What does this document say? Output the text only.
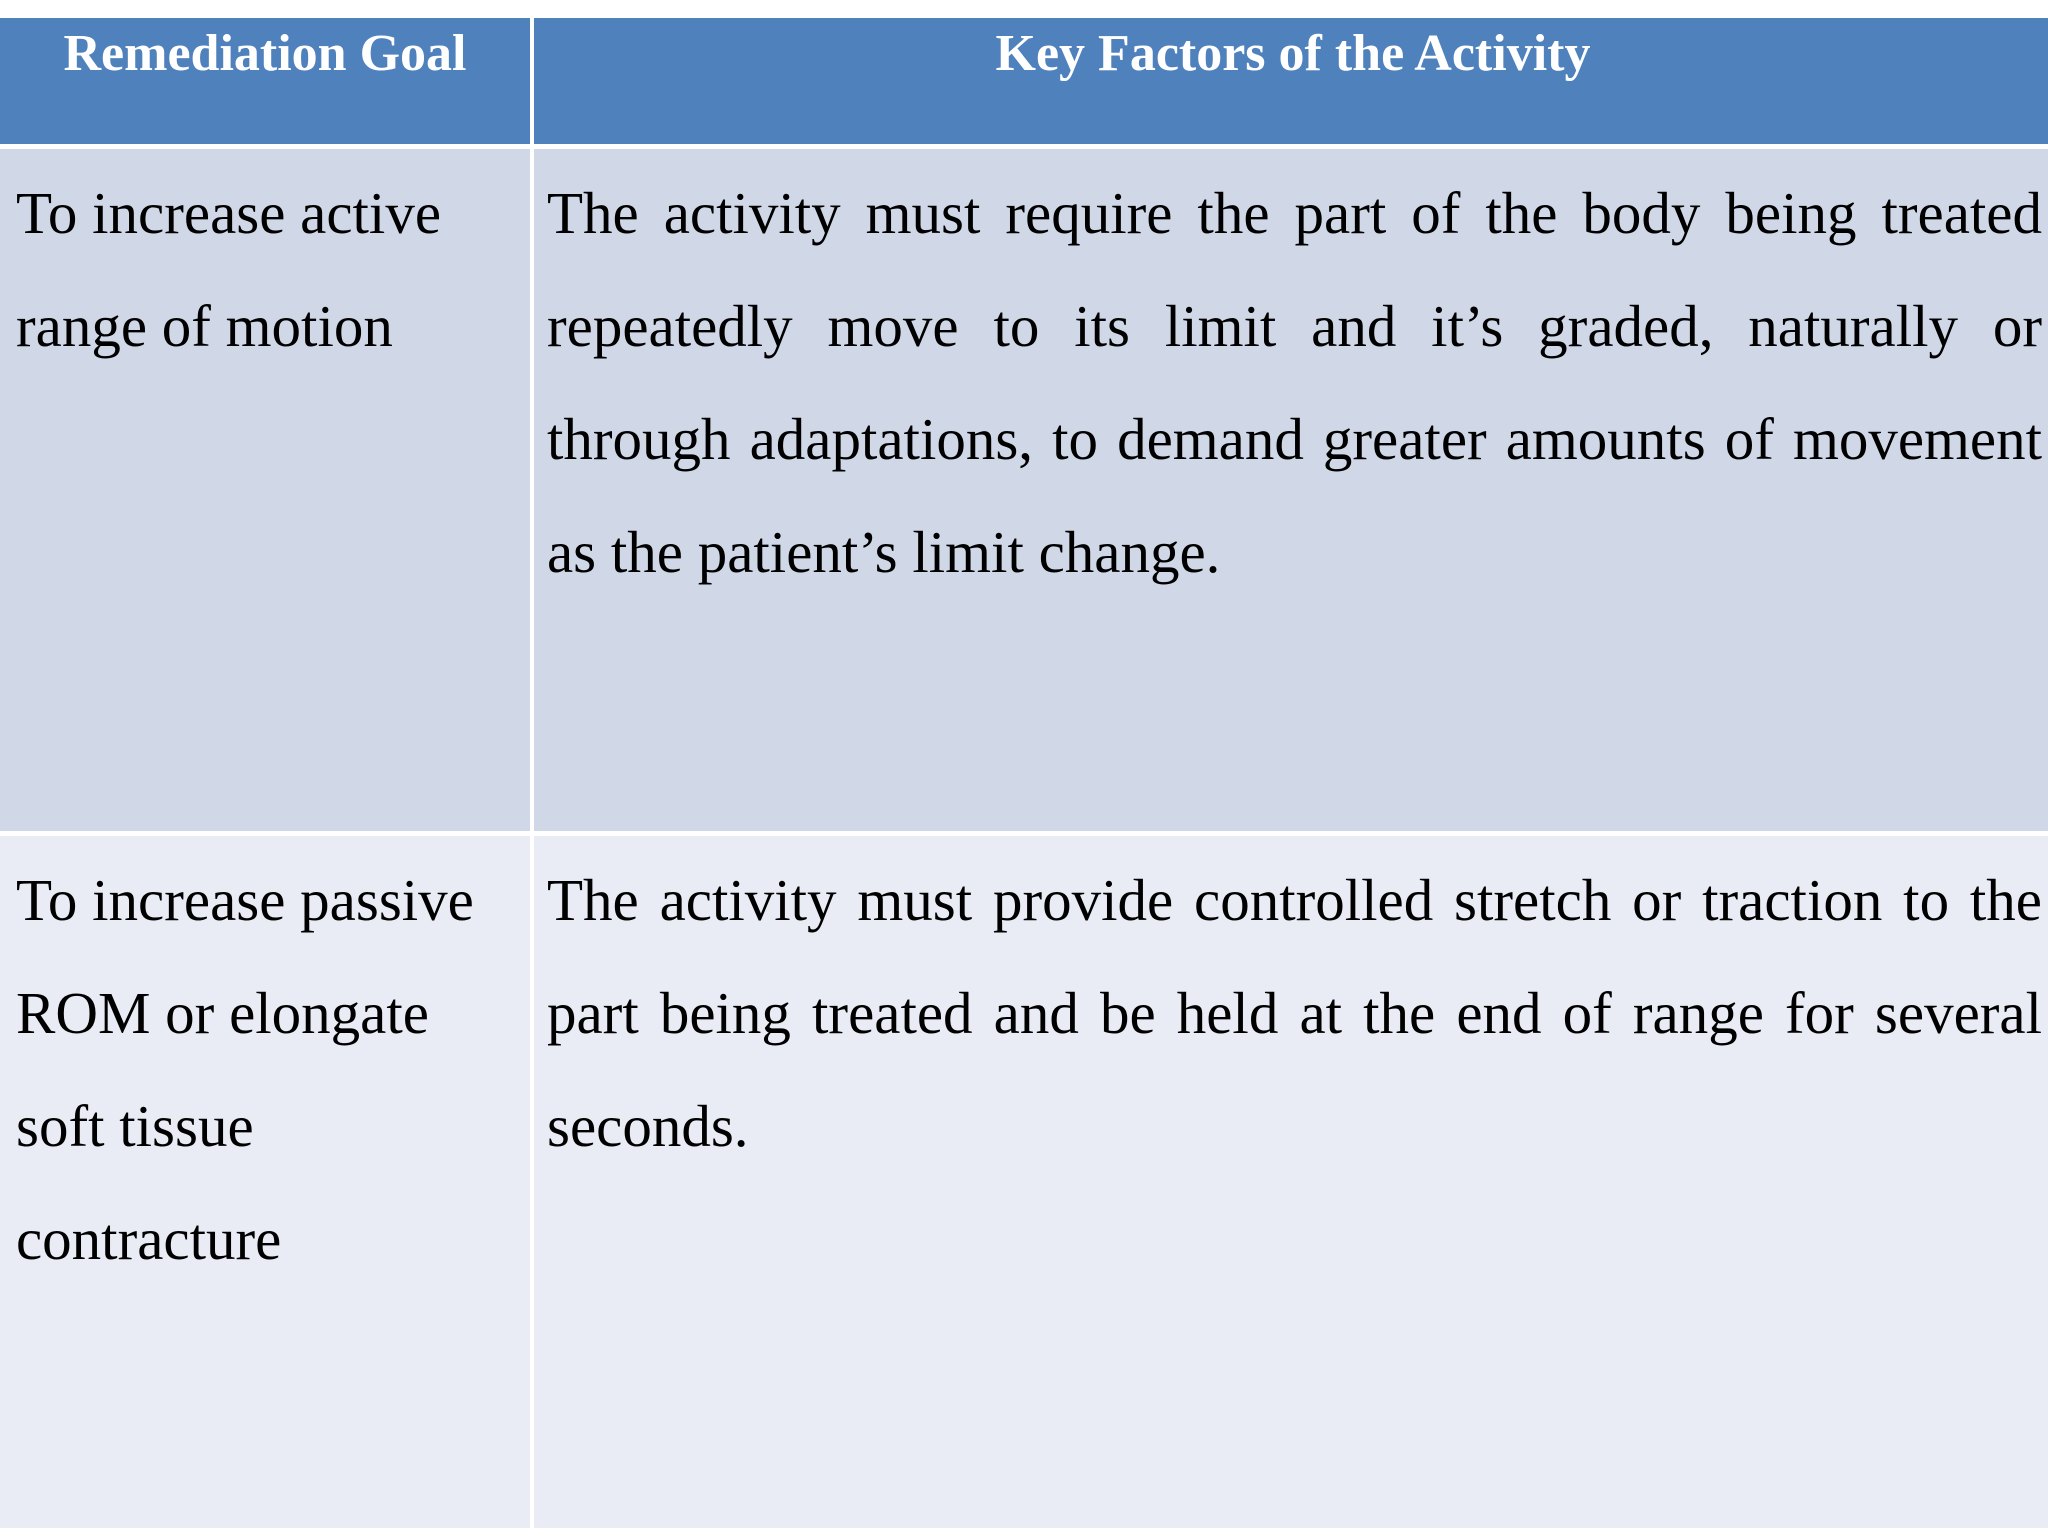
Remediation Goal	Key Factors of the Activity
To increase active range of motion
The activity must require the part of the body being treated repeatedly move to its limit and it’s graded, naturally or through adaptations, to demand greater amounts of movement as the patient’s limit change.
To increase passive ROM or elongate soft tissue contracture
The activity must provide controlled stretch or traction to the part being treated and be held at the end of range for several seconds.
